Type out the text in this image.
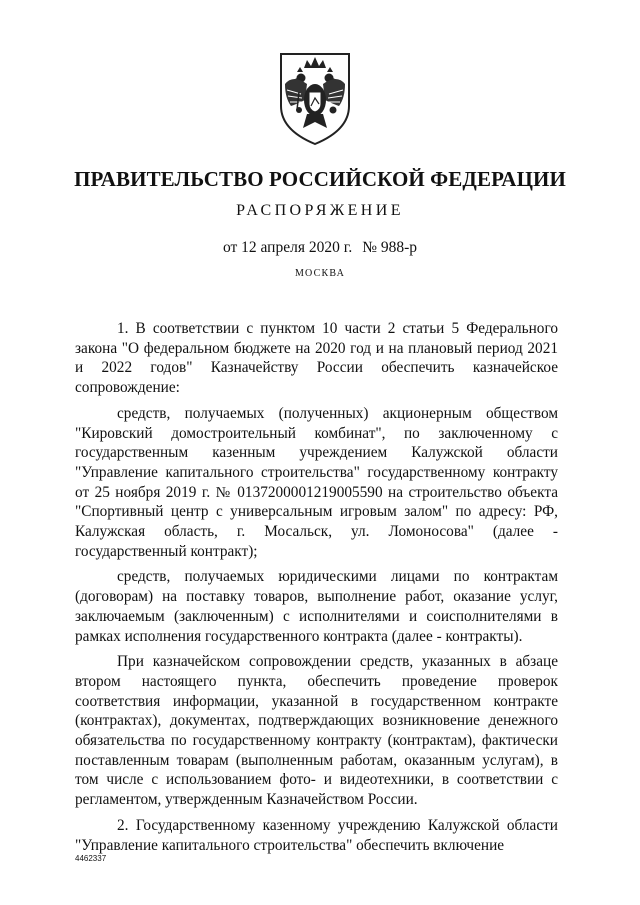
ПРАВИТЕЛЬСТВО РОССИЙСКОЙ ФЕДЕРАЦИИ
РАСПОРЯЖЕНИЕ
от 12 апреля 2020 г. № 988-р
МОСКВА

1. В соответствии с пунктом 10 части 2 статьи 5 Федерального закона "О федеральном бюджете на 2020 год и на плановый период 2021 и 2022 годов" Казначейству России обеспечить казначейское сопровождение:

средств, получаемых (полученных) акционерным обществом "Кировский домостроительный комбинат", по заключенному с государственным казенным учреждением Калужской области "Управление капитального строительства" государственному контракту от 25 ноября 2019 г. № 0137200001219005590 на строительство объекта "Спортивный центр с универсальным игровым залом" по адресу: РФ, Калужская область, г. Мосальск, ул. Ломоносова" (далее - государственный контракт);

средств, получаемых юридическими лицами по контрактам (договорам) на поставку товаров, выполнение работ, оказание услуг, заключаемым (заключенным) с исполнителями и соисполнителями в рамках исполнения государственного контракта (далее - контракты).

При казначейском сопровождении средств, указанных в абзаце втором настоящего пункта, обеспечить проведение проверок соответствия информации, указанной в государственном контракте (контрактах), документах, подтверждающих возникновение денежного обязательства по государственному контракту (контрактам), фактически поставленным товарам (выполненным работам, оказанным услугам), в том числе с использованием фото- и видеотехники, в соответствии с регламентом, утвержденным Казначейством России.

2. Государственному казенному учреждению Калужской области "Управление капитального строительства" обеспечить включение

4462337
